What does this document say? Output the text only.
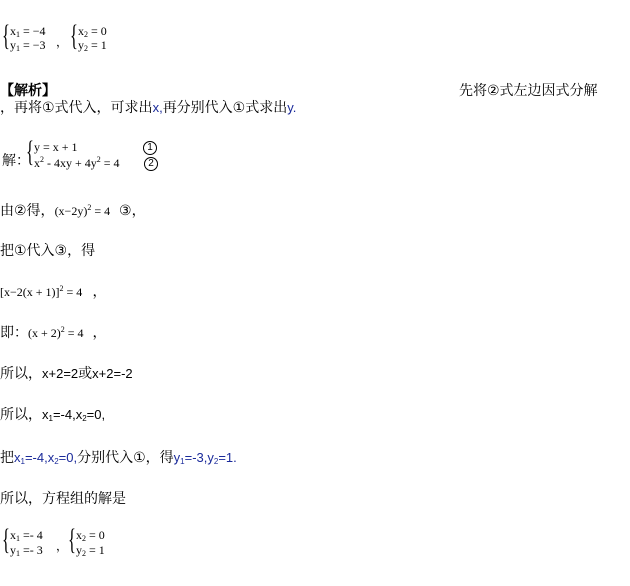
{ $x_1 = -4$
$y_1 = -3$ ， { $x_2 = 0$
$y_2 = 1$
【解析】	先将②式左边因式分解
，再将①式代入，可求出x,再分别代入①式求出y.
解：
{ y = x + 1
$x^2 - 4xy + 4y^2 = 4$
1
2
由②得，$(x-2y)^2 = 4$ ③，
把①代入③，得
$[x-2(x + 1)]^2 = 4$ ，
即：$(x + 2)^2 = 4$ ，
所以，x+2=2或x+2=-2
所以，$x_1=-4,x_2=0$,
把$x_1=-4,x_2=0$,分别代入①，得$y_1=-3,y_2=1$.
所以，方程组的解是
{ $x_1 =- 4$
$y_1 =- 3$ ， { $x_2 = 0$
$y_2 = 1$
